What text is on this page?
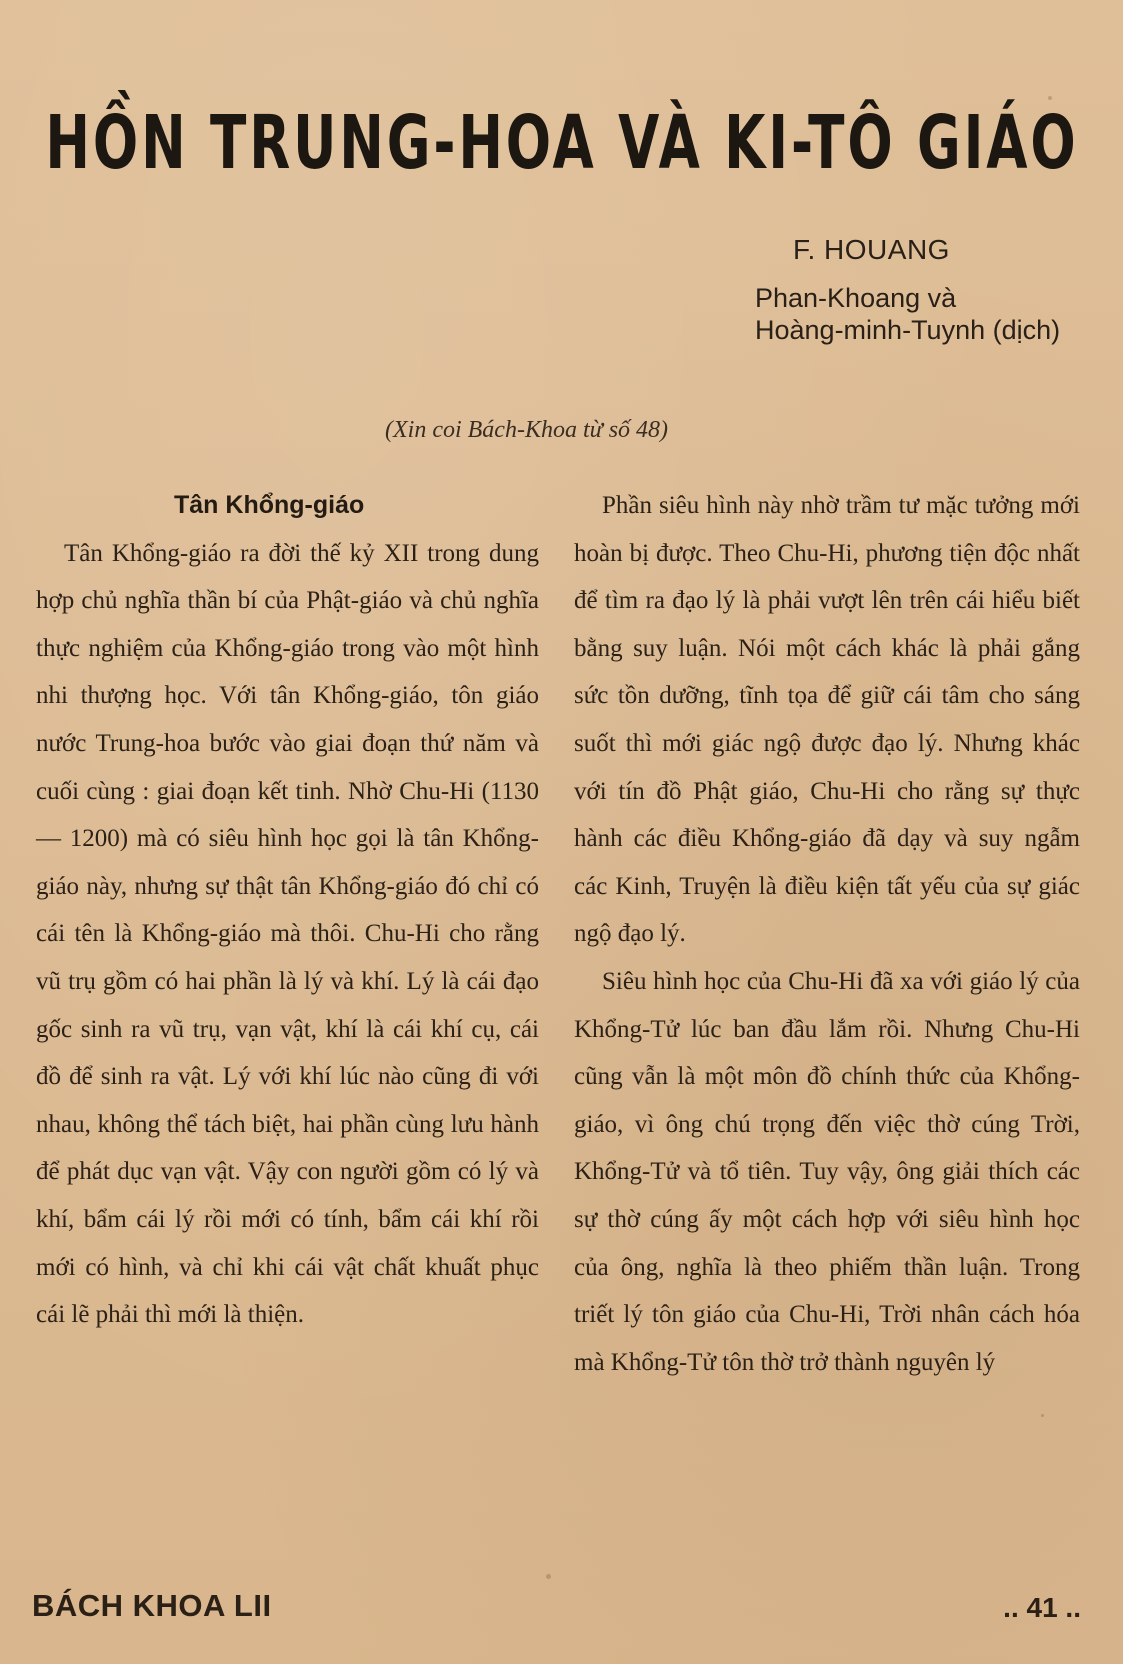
HỒN TRUNG-HOA VÀ KI-TÔ GIÁO
F. HOUANG
Phan-Khoang và
Hoàng-minh-Tuynh (dịch)
(Xin coi Bách-Khoa từ số 48)
Tân Khổng-giáo

Tân Khổng-giáo ra đời thế kỷ XII trong dung hợp chủ nghĩa thần bí của Phật-giáo và chủ nghĩa thực nghiệm của Khổng-giáo trong vào một hình nhi thượng học. Với tân Khổng-giáo, tôn giáo nước Trung-hoa bước vào giai đoạn thứ năm và cuối cùng : giai đoạn kết tinh. Nhờ Chu-Hi (1130 — 1200) mà có siêu hình học gọi là tân Khổng-giáo này, nhưng sự thật tân Khổng-giáo đó chỉ có cái tên là Khổng-giáo mà thôi. Chu-Hi cho rằng vũ trụ gồm có hai phần là lý và khí. Lý là cái đạo gốc sinh ra vũ trụ, vạn vật, khí là cái khí cụ, cái đồ để sinh ra vật. Lý với khí lúc nào cũng đi với nhau, không thể tách biệt, hai phần cùng lưu hành để phát dục vạn vật. Vậy con người gồm có lý và khí, bẩm cái lý rồi mới có tính, bẩm cái khí rồi mới có hình, và chỉ khi cái vật chất khuất phục cái lẽ phải thì mới là thiện.

Phần siêu hình này nhờ trầm tư mặc tưởng mới hoàn bị được. Theo Chu-Hi, phương tiện độc nhất để tìm ra đạo lý là phải vượt lên trên cái hiểu biết bằng suy luận. Nói một cách khác là phải gắng sức tồn dưỡng, tĩnh tọa để giữ cái tâm cho sáng suốt thì mới giác ngộ được đạo lý. Nhưng khác với tín đồ Phật giáo, Chu-Hi cho rằng sự thực hành các điều Khổng-giáo đã dạy và suy ngẫm các Kinh, Truyện là điều kiện tất yếu của sự giác ngộ đạo lý.

Siêu hình học của Chu-Hi đã xa với giáo lý của Khổng-Tử lúc ban đầu lắm rồi. Nhưng Chu-Hi cũng vẫn là một môn đồ chính thức của Khổng-giáo, vì ông chú trọng đến việc thờ cúng Trời, Khổng-Tử và tổ tiên. Tuy vậy, ông giải thích các sự thờ cúng ấy một cách hợp với siêu hình học của ông, nghĩa là theo phiếm thần luận. Trong triết lý tôn giáo của Chu-Hi, Trời nhân cách hóa mà Khổng-Tử tôn thờ trở thành nguyên lý

BÁCH KHOA LII	.. 41 ..
